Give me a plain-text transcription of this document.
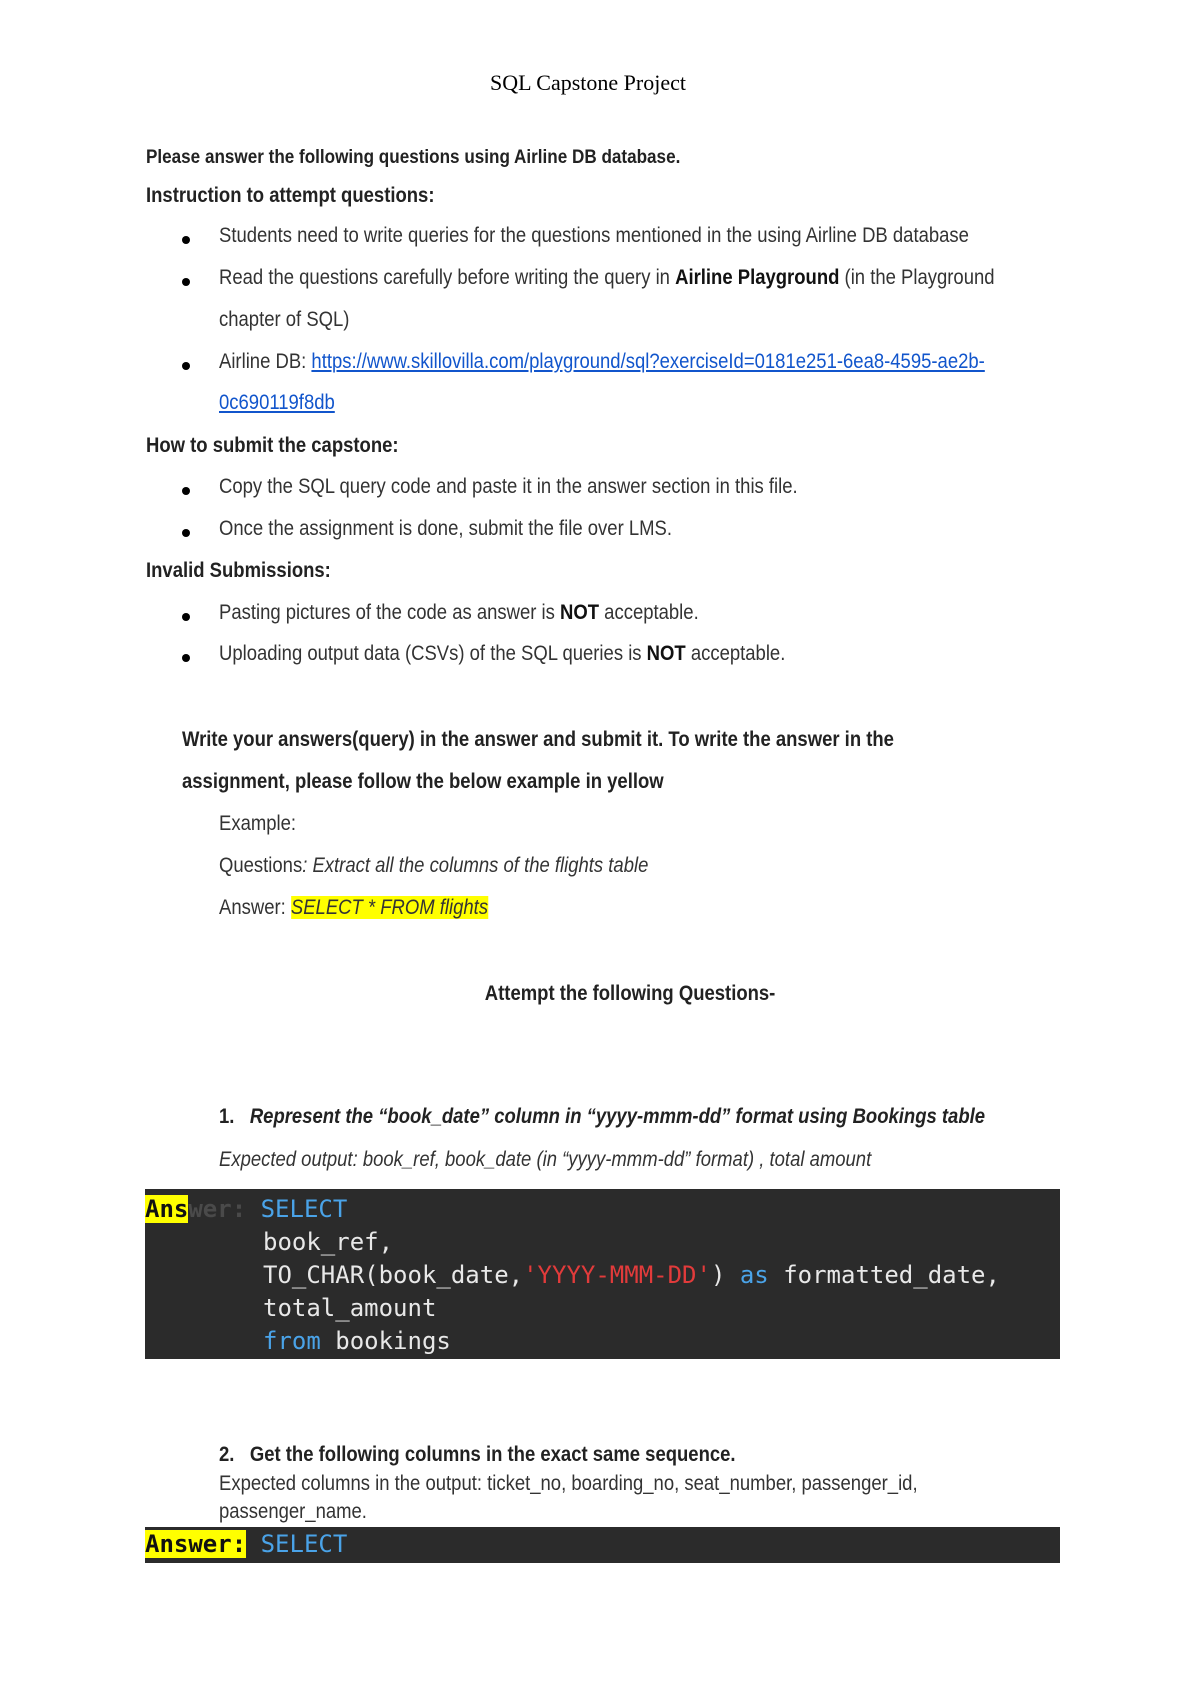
SQL Capstone Project
Please answer the following questions using Airline DB database.
Instruction to attempt questions:
Students need to write queries for the questions mentioned in the using Airline DB database
Read the questions carefully before writing the query in Airline Playground (in the Playground
chapter of SQL)
Airline DB: https://www.skillovilla.com/playground/sql?exerciseId=0181e251-6ea8-4595-ae2b-
0c690119f8db
How to submit the capstone:
Copy the SQL query code and paste it in the answer section in this file.
Once the assignment is done, submit the file over LMS.
Invalid Submissions:
Pasting pictures of the code as answer is NOT acceptable.
Uploading output data (CSVs) of the SQL queries is NOT acceptable.
Write your answers(query) in the answer and submit it. To write the answer in the
assignment, please follow the below example in yellow
Example:
Questions: Extract all the columns of the flights table
Answer: SELECT * FROM flights
Attempt the following Questions-
1. Represent the “book_date” column in “yyyy-mmm-dd” format using Bookings table
Expected output: book_ref, book_date (in “yyyy-mmm-dd” format) , total amount
Answer: SELECT
book_ref,
TO_CHAR(book_date,'YYYY-MMM-DD') as formatted_date,
total_amount
from bookings
2. Get the following columns in the exact same sequence.
Expected columns in the output: ticket_no, boarding_no, seat_number, passenger_id,
passenger_name.
Answer: SELECT
